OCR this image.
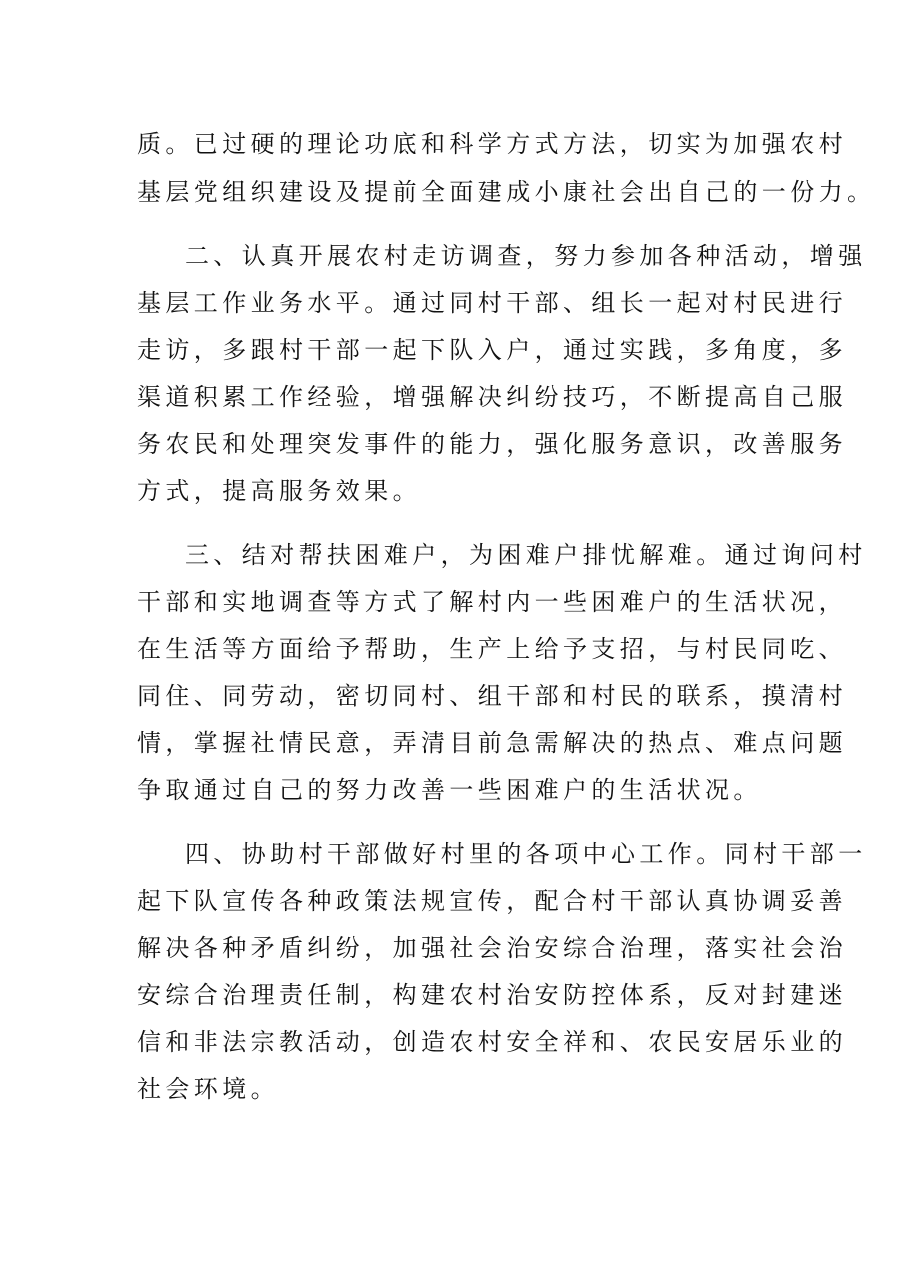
质。已过硬的理论功底和科学方式方法，切实为加强农村
基层党组织建设及提前全面建成小康社会出自己的一份力。
二、认真开展农村走访调查，努力参加各种活动，增强
基层工作业务水平。通过同村干部、组长一起对村民进行
走访，多跟村干部一起下队入户，通过实践，多角度，多
渠道积累工作经验，增强解决纠纷技巧，不断提高自己服
务农民和处理突发事件的能力，强化服务意识，改善服务
方式，提高服务效果。
三、结对帮扶困难户，为困难户排忧解难。通过询问村
干部和实地调查等方式了解村内一些困难户的生活状况，
在生活等方面给予帮助，生产上给予支招，与村民同吃、
同住、同劳动，密切同村、组干部和村民的联系，摸清村
情，掌握社情民意，弄清目前急需解决的热点、难点问题
争取通过自己的努力改善一些困难户的生活状况。
四、协助村干部做好村里的各项中心工作。同村干部一
起下队宣传各种政策法规宣传，配合村干部认真协调妥善
解决各种矛盾纠纷，加强社会治安综合治理，落实社会治
安综合治理责任制，构建农村治安防控体系，反对封建迷
信和非法宗教活动，创造农村安全祥和、农民安居乐业的
社会环境。
